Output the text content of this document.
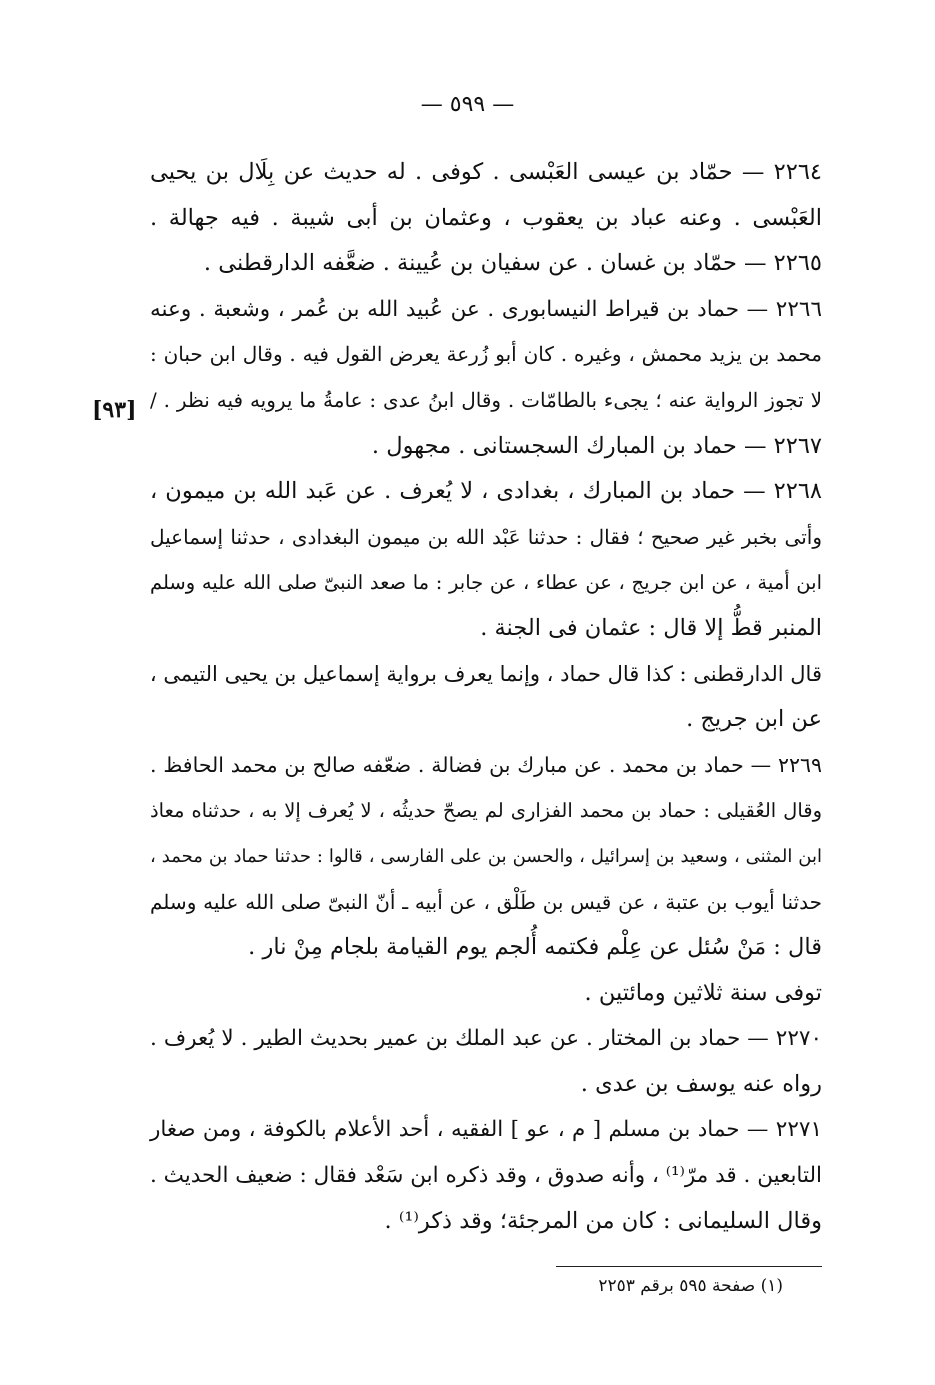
— ٥٩٩ —
[٩٣]
٢٢٦٤ — حمّاد بن عيسى العَبْسى . كوفى . له حديث عن بِلَال بن يحيى
العَبْسى . وعنه عباد بن يعقوب ، وعثمان بن أبى شيبة . فيه جهالة .
٢٢٦٥ — حمّاد بن غسان . عن سفيان بن عُيينة . ضعَّفه الدارقطنى .
٢٢٦٦ — حماد بن قيراط النيسابورى . عن عُبيد الله بن عُمر ، وشعبة . وعنه
محمد بن يزيد محمش ، وغيره . كان أبو زُرعة يعرض القول فيه . وقال ابن حبان :
لا تجوز الرواية عنه ؛ يجىء بالطامّات . وقال ابنُ عدى : عامةُ ما يرويه فيه نظر . /
٢٢٦٧ — حماد بن المبارك السجستانى . مجهول .
٢٢٦٨ — حماد بن المبارك ، بغدادى ، لا يُعرف . عن عَبد الله بن ميمون ،
وأتى بخبر غير صحيح ؛ فقال : حدثنا عَبْد الله بن ميمون البغدادى ، حدثنا إسماعيل
ابن أمية ، عن ابن جريج ، عن عطاء ، عن جابر : ما صعد النبىّ صلى الله عليه وسلم
المنبر قطُّ إلا قال : عثمان فى الجنة .
قال الدارقطنى : كذا قال حماد ، وإنما يعرف برواية إسماعيل بن يحيى التيمى ،
عن ابن جريج .
٢٢٦٩ — حماد بن محمد . عن مبارك بن فضالة . ضعّفه صالح بن محمد الحافظ .
وقال العُقيلى : حماد بن محمد الفزارى لم يصحّ حديثُه ، لا يُعرف إلا به ، حدثناه معاذ
ابن المثنى ، وسعيد بن إسرائيل ، والحسن بن على الفارسى ، قالوا : حدثنا حماد بن محمد ،
حدثنا أيوب بن عتبة ، عن قيس بن طَلْق ، عن أبيه ـ أنّ النبىّ صلى الله عليه وسلم
قال : مَنْ سُئل عن عِلْم فكتمه أُلجم يوم القيامة بلجام مِنْ نار .
توفى سنة ثلاثين ومائتين .
٢٢٧٠ — حماد بن المختار . عن عبد الملك بن عمير بحديث الطير . لا يُعرف .
رواه عنه يوسف بن عدى .
٢٢٧١ — حماد بن مسلم [ م ، عو ] الفقيه ، أحد الأعلام بالكوفة ، ومن صغار
التابعين . قد مرّ⁽¹⁾ ، وأنه صدوق ، وقد ذكره ابن سَعْد فقال : ضعيف الحديث .
وقال السليمانى : كان من المرجئة؛ وقد ذكر⁽¹⁾ .
(١) صفحة ٥٩٥ برقم ٢٢٥٣
